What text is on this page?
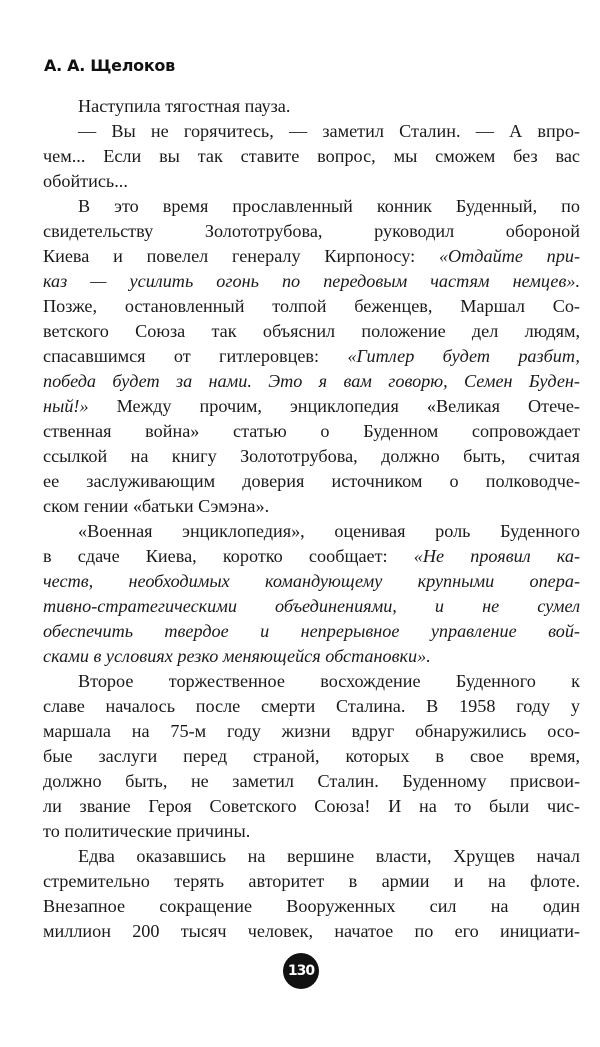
А. А. Щелоков
Наступила тягостная пауза.
— Вы не горячитесь, — заметил Сталин. — А впро-
чем... Если вы так ставите вопрос, мы сможем без вас
обойтись...
В это время прославленный конник Буденный, по
свидетельству Золототрубова, руководил обороной
Киева и повелел генералу Кирпоносу: «Отдайте при-
каз — усилить огонь по передовым частям немцев».
Позже, остановленный толпой беженцев, Маршал Со-
ветского Союза так объяснил положение дел людям,
спасавшимся от гитлеровцев: «Гитлер будет разбит,
победа будет за нами. Это я вам говорю, Семен Буден-
ный!» Между прочим, энциклопедия «Великая Отече-
ственная война» статью о Буденном сопровождает
ссылкой на книгу Золототрубова, должно быть, считая
ее заслуживающим доверия источником о полководче-
ском гении «батьки Сэмэна».
«Военная энциклопедия», оценивая роль Буденного
в сдаче Киева, коротко сообщает: «Не проявил ка-
честв, необходимых командующему крупными опера-
тивно-стратегическими объединениями, и не сумел
обеспечить твердое и непрерывное управление вой-
сками в условиях резко меняющейся обстановки».
Второе торжественное восхождение Буденного к
славе началось после смерти Сталина. В 1958 году у
маршала на 75-м году жизни вдруг обнаружились осо-
бые заслуги перед страной, которых в свое время,
должно быть, не заметил Сталин. Буденному присвои-
ли звание Героя Советского Союза! И на то были чис-
то политические причины.
Едва оказавшись на вершине власти, Хрущев начал
стремительно терять авторитет в армии и на флоте.
Внезапное сокращение Вооруженных сил на один
миллион 200 тысяч человек, начатое по его инициати-
130
